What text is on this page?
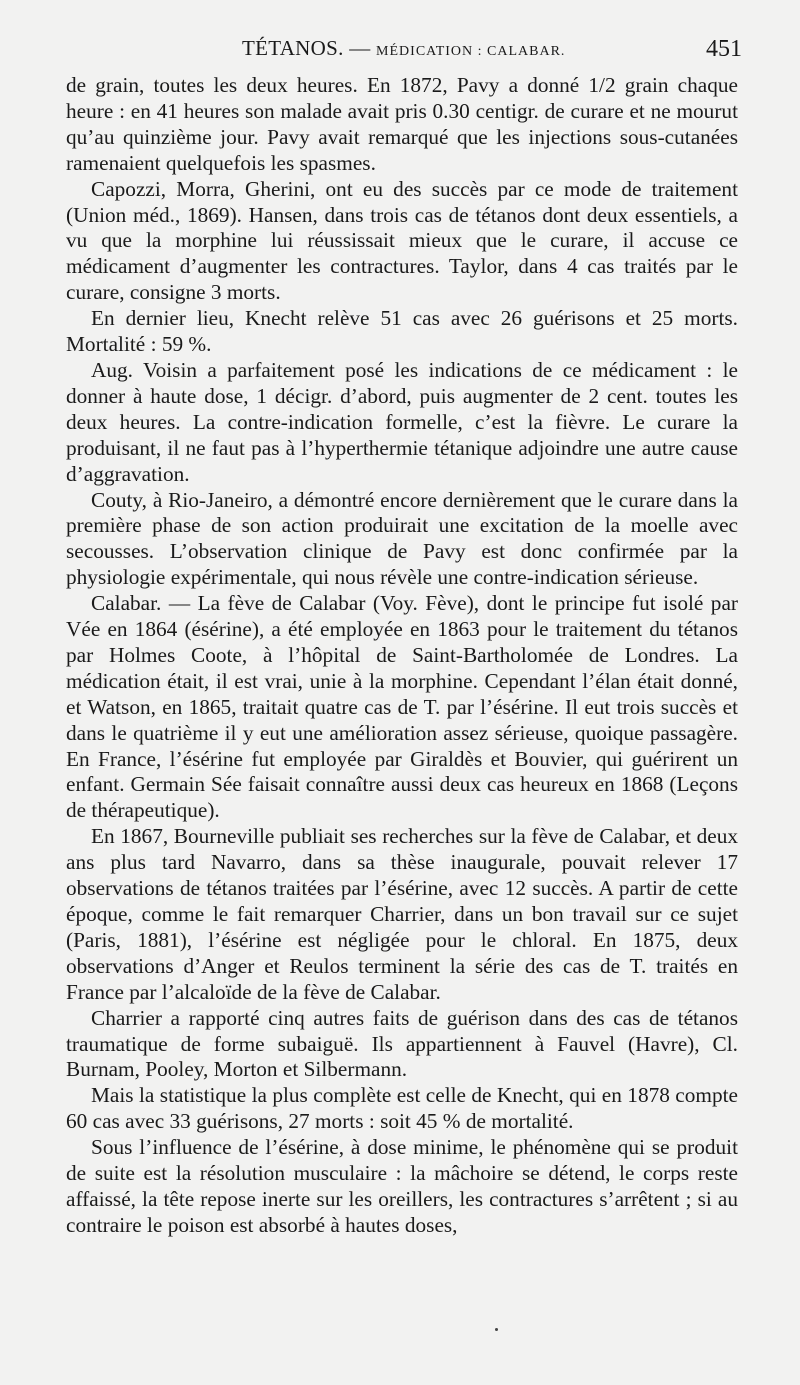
TÉTANOS. — MÉDICATION : CALABAR.	451

de grain, toutes les deux heures. En 1872, Pavy a donné 1/2 grain chaque heure : en 41 heures son malade avait pris 0.30 centigr. de curare et ne mourut qu’au quinzième jour. Pavy avait remarqué que les injections sous-cutanées ramenaient quelquefois les spasmes.

Capozzi, Morra, Gherini, ont eu des succès par ce mode de traitement (Union méd., 1869). Hansen, dans trois cas de tétanos dont deux essentiels, a vu que la morphine lui réussissait mieux que le curare, il accuse ce médicament d’augmenter les contractures. Taylor, dans 4 cas traités par le curare, consigne 3 morts.

En dernier lieu, Knecht relève 51 cas avec 26 guérisons et 25 morts. Mortalité : 59 %.

Aug. Voisin a parfaitement posé les indications de ce médicament : le donner à haute dose, 1 décigr. d’abord, puis augmenter de 2 cent. toutes les deux heures. La contre-indication formelle, c’est la fièvre. Le curare la produisant, il ne faut pas à l’hyperthermie tétanique adjoindre une autre cause d’aggravation.

Couty, à Rio-Janeiro, a démontré encore dernièrement que le curare dans la première phase de son action produirait une excitation de la moelle avec secousses. L’observation clinique de Pavy est donc confirmée par la physiologie expérimentale, qui nous révèle une contre-indication sérieuse.

Calabar. — La fève de Calabar (Voy. Fève), dont le principe fut isolé par Vée en 1864 (ésérine), a été employée en 1863 pour le traitement du tétanos par Holmes Coote, à l’hôpital de Saint-Bartholomée de Londres. La médication était, il est vrai, unie à la morphine. Cependant l’élan était donné, et Watson, en 1865, traitait quatre cas de T. par l’ésérine. Il eut trois succès et dans le quatrième il y eut une amélioration assez sérieuse, quoique passagère. En France, l’ésérine fut employée par Giraldès et Bouvier, qui guérirent un enfant. Germain Sée faisait connaître aussi deux cas heureux en 1868 (Leçons de thérapeutique).

En 1867, Bourneville publiait ses recherches sur la fève de Calabar, et deux ans plus tard Navarro, dans sa thèse inaugurale, pouvait relever 17 observations de tétanos traitées par l’ésérine, avec 12 succès. A partir de cette époque, comme le fait remarquer Charrier, dans un bon travail sur ce sujet (Paris, 1881), l’ésérine est négligée pour le chloral. En 1875, deux observations d’Anger et Reulos terminent la série des cas de T. traités en France par l’alcaloïde de la fève de Calabar.

Charrier a rapporté cinq autres faits de guérison dans des cas de tétanos traumatique de forme subaiguë. Ils appartiennent à Fauvel (Havre), Cl. Burnam, Pooley, Morton et Silbermann.

Mais la statistique la plus complète est celle de Knecht, qui en 1878 compte 60 cas avec 33 guérisons, 27 morts : soit 45 % de mortalité.

Sous l’influence de l’ésérine, à dose minime, le phénomène qui se produit de suite est la résolution musculaire : la mâchoire se détend, le corps reste affaissé, la tête repose inerte sur les oreillers, les contractures s’arrêtent ; si au contraire le poison est absorbé à hautes doses,
